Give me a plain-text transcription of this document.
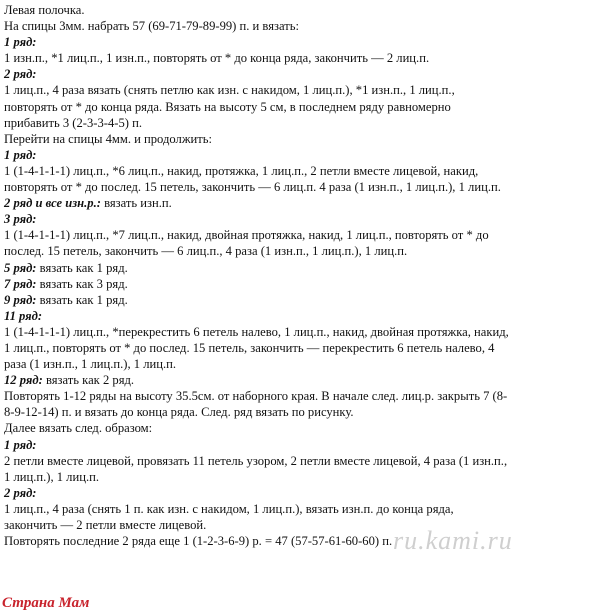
Левая полочка.

На спицы 3мм. набрать 57 (69-71-79-89-99) п. и вязать:

1 ряд:

1 изн.п., *1 лиц.п., 1 изн.п., повторять от * до конца ряда, закончить — 2 лиц.п.

2 ряд:

1 лиц.п., 4 раза вязать (снять петлю как изн. с накидом, 1 лиц.п.), *1 изн.п., 1 лиц.п.,

повторять от * до конца ряда. Вязать на высоту 5 см, в последнем ряду равномерно

прибавить 3 (2-3-3-4-5) п.

Перейти на спицы 4мм. и продолжить:

1 ряд:

1 (1-4-1-1-1) лиц.п., *6 лиц.п., накид, протяжка, 1 лиц.п., 2 петли вместе лицевой, накид,

повторять от * до послед. 15 петель, закончить — 6 лиц.п. 4 раза (1 изн.п., 1 лиц.п.), 1 лиц.п.

2 ряд и все изн.р.: вязать изн.п.

3 ряд:

1 (1-4-1-1-1) лиц.п., *7 лиц.п., накид, двойная протяжка, накид, 1 лиц.п., повторять от * до

послед. 15 петель, закончить — 6 лиц.п., 4 раза (1 изн.п., 1 лиц.п.), 1 лиц.п.

5 ряд: вязать как 1 ряд.

7 ряд: вязать как 3 ряд.

9 ряд: вязать как 1 ряд.

11 ряд:

1 (1-4-1-1-1) лиц.п., *перекрестить 6 петель налево, 1 лиц.п., накид, двойная протяжка, накид,

1 лиц.п., повторять от * до послед. 15 петель, закончить — перекрестить 6 петель налево, 4

раза (1 изн.п., 1 лиц.п.), 1 лиц.п.

12 ряд: вязать как 2 ряд.

Повторять 1-12 ряды на высоту 35.5см. от наборного края. В начале след. лиц.р. закрыть 7 (8-

8-9-12-14) п. и вязать до конца ряда. След. ряд вязать по рисунку.

Далее вязать след. образом:

1 ряд:

2 петли вместе лицевой, провязать 11 петель узором, 2 петли вместе лицевой, 4 раза (1 изн.п.,

1 лиц.п.), 1 лиц.п.

2 ряд:

1 лиц.п., 4 раза (снять 1 п. как изн. с накидом, 1 лиц.п.), вязать изн.п. до конца ряда,

закончить — 2 петли вместе лицевой.

Повторять последние 2 ряда еще 1 (1-2-3-6-9) р. = 47 (57-57-61-60-60) п. ru.kami.ru
Страна Мам
